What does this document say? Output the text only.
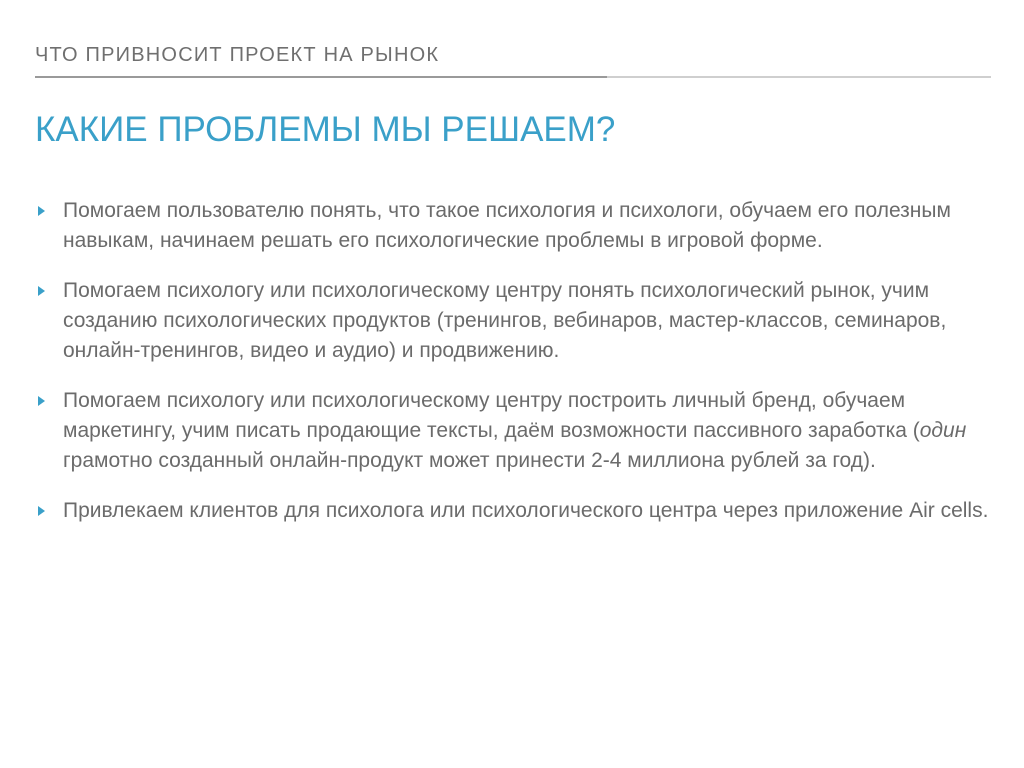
ЧТО ПРИВНОСИТ ПРОЕКТ НА РЫНОК
КАКИЕ ПРОБЛЕМЫ МЫ РЕШАЕМ?
Помогаем пользователю понять, что такое психология и психологи, обучаем его полезным навыкам, начинаем решать его психологические проблемы в игровой форме.
Помогаем психологу или психологическому центру понять психологический рынок, учим созданию психологических продуктов (тренингов, вебинаров, мастер-классов, семинаров, онлайн-тренингов, видео и аудио) и продвижению.
Помогаем психологу или психологическому центру построить личный бренд, обучаем маркетингу, учим писать продающие тексты, даём возможности пассивного заработка (один грамотно созданный онлайн-продукт может принести 2-4 миллиона рублей за год).
Привлекаем клиентов для психолога или психологического центра через приложение Air cells.
